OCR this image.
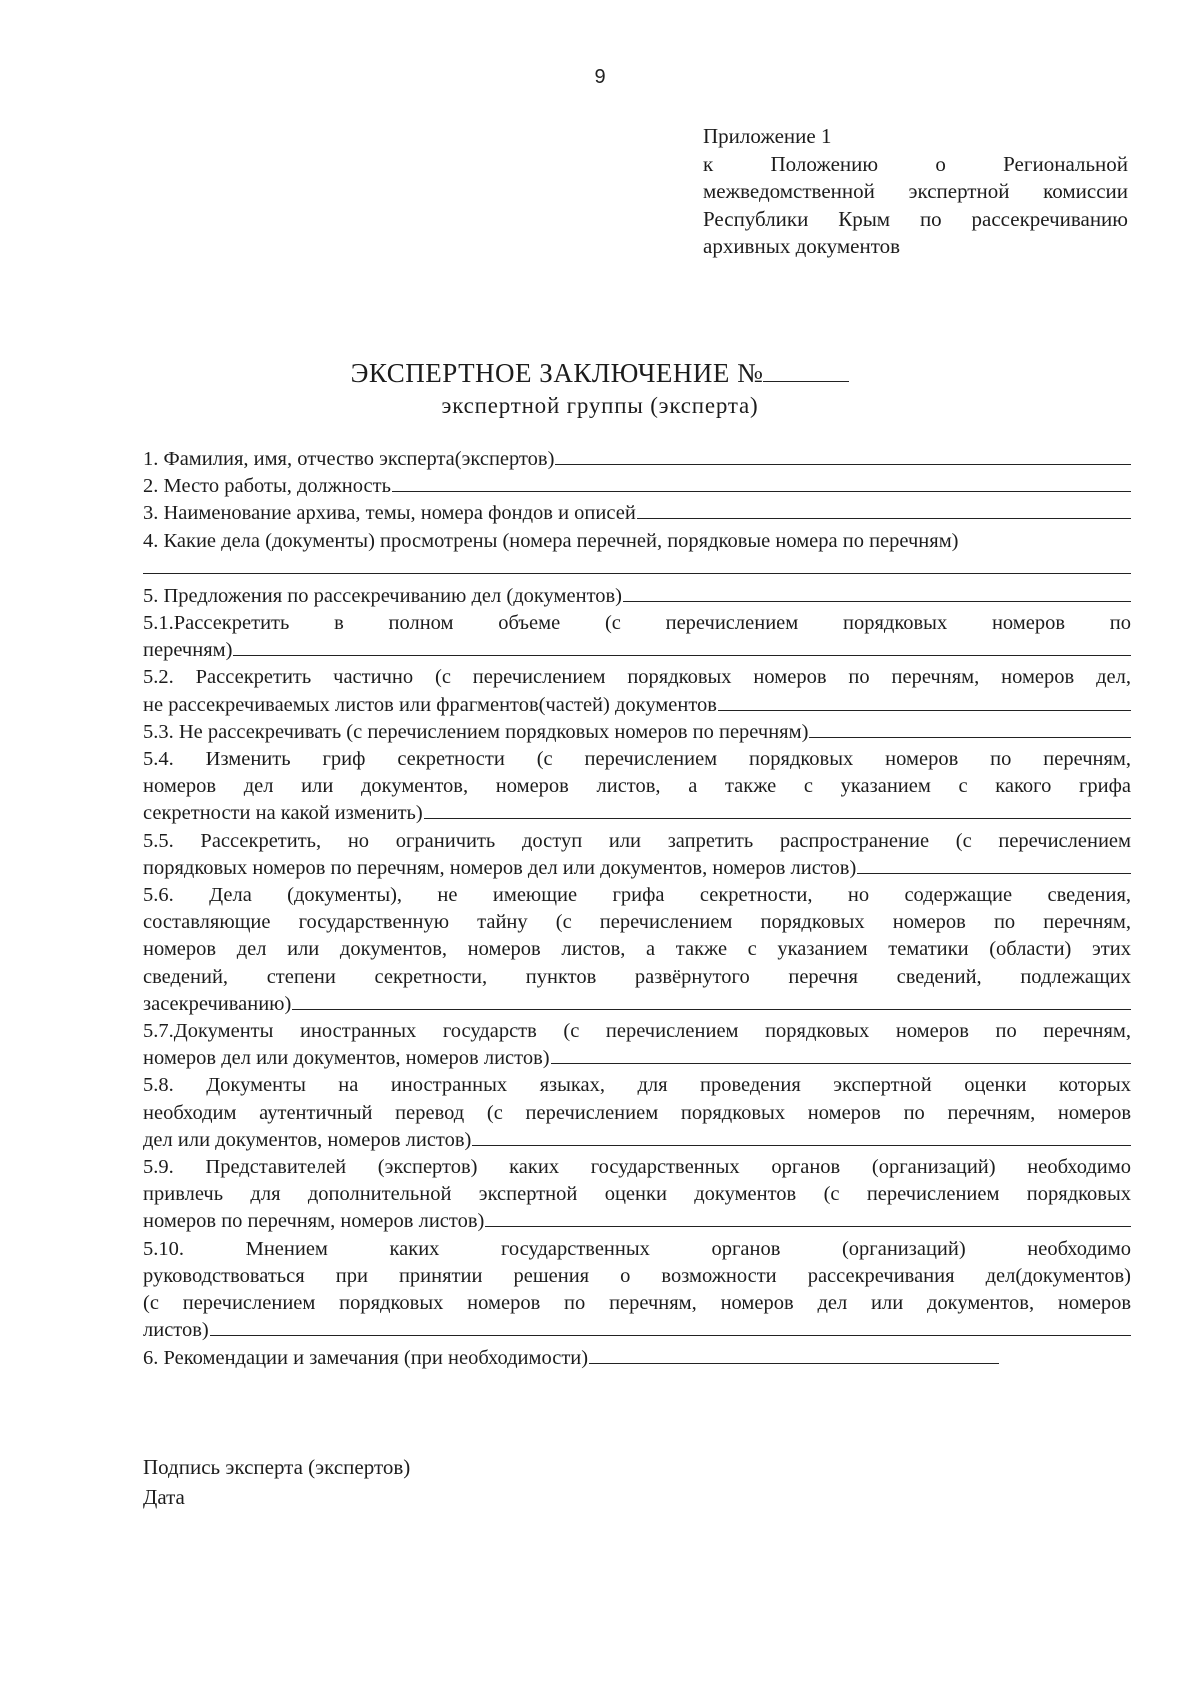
9
Приложение 1
к Положению о Региональной межведомственной экспертной комиссии Республики Крым по рассекречиванию архивных документов
ЭКСПЕРТНОЕ ЗАКЛЮЧЕНИЕ №
экспертной группы (эксперта)
1. Фамилия, имя, отчество эксперта(экспертов)
2. Место работы, должность
3. Наименование архива, темы, номера фондов и описей
4. Какие дела (документы) просмотрены (номера перечней, порядковые номера по перечням)
5. Предложения по рассекречиванию дел (документов)
5.1.Рассекретить в полном объеме (с перечислением порядковых номеров по
перечням)
5.2. Рассекретить частично (с перечислением порядковых номеров по перечням, номеров дел,
не рассекречиваемых листов или фрагментов(частей) документов
5.3. Не рассекречивать (с перечислением порядковых номеров по перечням)
5.4. Изменить гриф секретности (с перечислением порядковых номеров по перечням,
номеров дел или документов, номеров листов, а также с указанием с какого грифа
секретности на какой изменить)
5.5. Рассекретить, но ограничить доступ или запретить распространение (с перечислением
порядковых номеров по перечням, номеров дел или документов, номеров листов)
5.6. Дела (документы), не имеющие грифа секретности, но содержащие сведения,
составляющие государственную тайну (с перечислением порядковых номеров по перечням,
номеров дел или документов, номеров листов, а также с указанием тематики (области) этих
сведений, степени секретности, пунктов развёрнутого перечня сведений, подлежащих
засекречиванию)
5.7.Документы иностранных государств (с перечислением порядковых номеров по перечням,
номеров дел или документов, номеров листов)
5.8. Документы на иностранных языках, для проведения экспертной оценки которых
необходим аутентичный перевод (с перечислением порядковых номеров по перечням, номеров
дел или документов, номеров листов)
5.9. Представителей (экспертов) каких государственных органов (организаций) необходимо
привлечь для дополнительной экспертной оценки документов (с перечислением порядковых
номеров по перечням, номеров листов)
5.10. Мнением каких государственных органов (организаций) необходимо
руководствоваться при принятии решения о возможности рассекречивания дел(документов)
(с перечислением порядковых номеров по перечням, номеров дел или документов, номеров
листов)
6. Рекомендации и замечания (при необходимости)
Подпись эксперта (экспертов)
Дата
